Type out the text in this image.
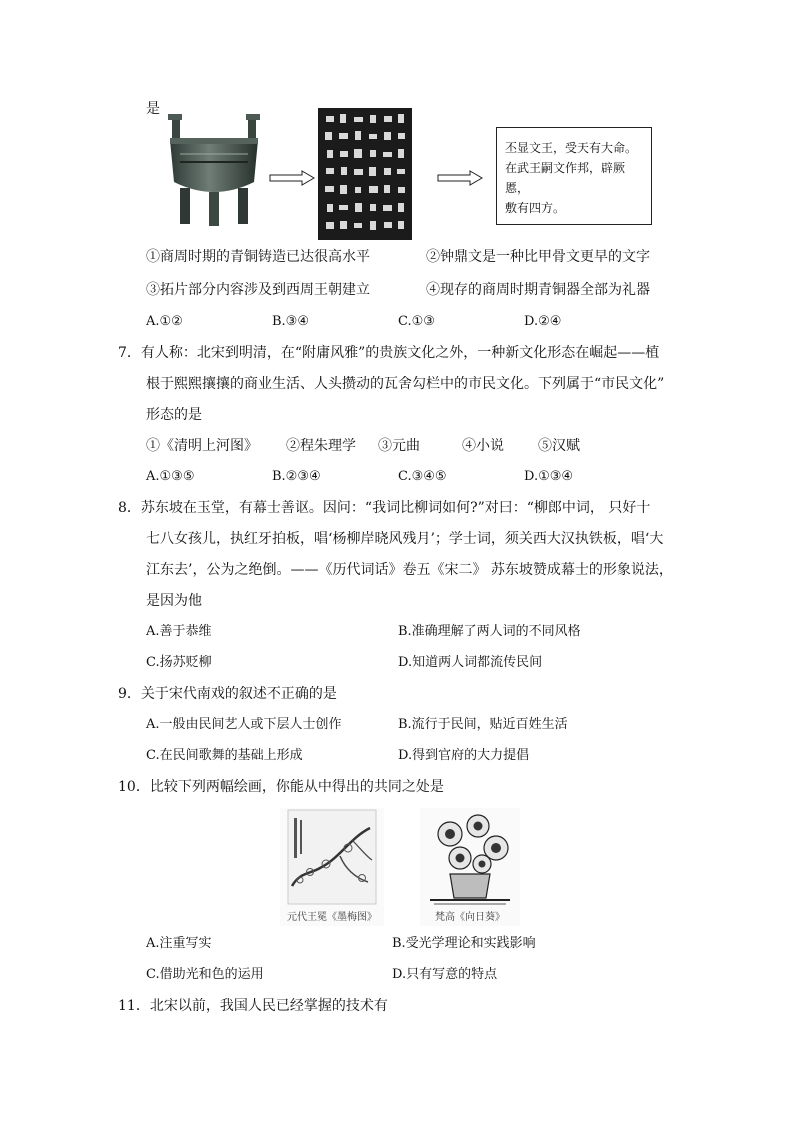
是
丕显文王，受天有大命。
在武王嗣文作邦，辟厥慝，
敷有四方。
①商周时期的青铜铸造已达很高水平	②钟鼎文是一种比甲骨文更早的文字
③拓片部分内容涉及到西周王朝建立	④现存的商周时期青铜器全部为礼器
A.①②	B.③④	C.①③	D.②④
7．有人称：北宋到明清，在“附庸风雅”的贵族文化之外，一种新文化形态在崛起——植
根于熙熙攘攘的商业生活、人头攒动的瓦舍勾栏中的市民文化。下列属于“市民文化”
形态的是
①《清明上河图》 ②程朱理学 ③元曲	④小说 ⑤汉赋
A.①③⑤	B.②③④	C.③④⑤	D.①③④
8．苏东坡在玉堂，有幕士善讴。因问：“我词比柳词如何?”对曰：“柳郎中词， 只好十
七八女孩儿，执红牙拍板，唱‘杨柳岸晓风残月’；学士词，须关西大汉执铁板，唱‘大
江东去’，公为之绝倒。——《历代词话》卷五《宋二》 苏东坡赞成幕士的形象说法，
是因为他
A.善于恭维	B.准确理解了两人词的不同风格
C.扬苏贬柳	D.知道两人词都流传民间
9．关于宋代南戏的叙述不正确的是
A.一般由民间艺人或下层人士创作	B.流行于民间，贴近百姓生活
C.在民间歌舞的基础上形成	D.得到官府的大力提倡
10．比较下列两幅绘画，你能从中得出的共同之处是
元代王冕《墨梅图》	梵高《向日葵》
A.注重写实	B.受光学理论和实践影响
C.借助光和色的运用	D.只有写意的特点
11．北宋以前，我国人民已经掌握的技术有
